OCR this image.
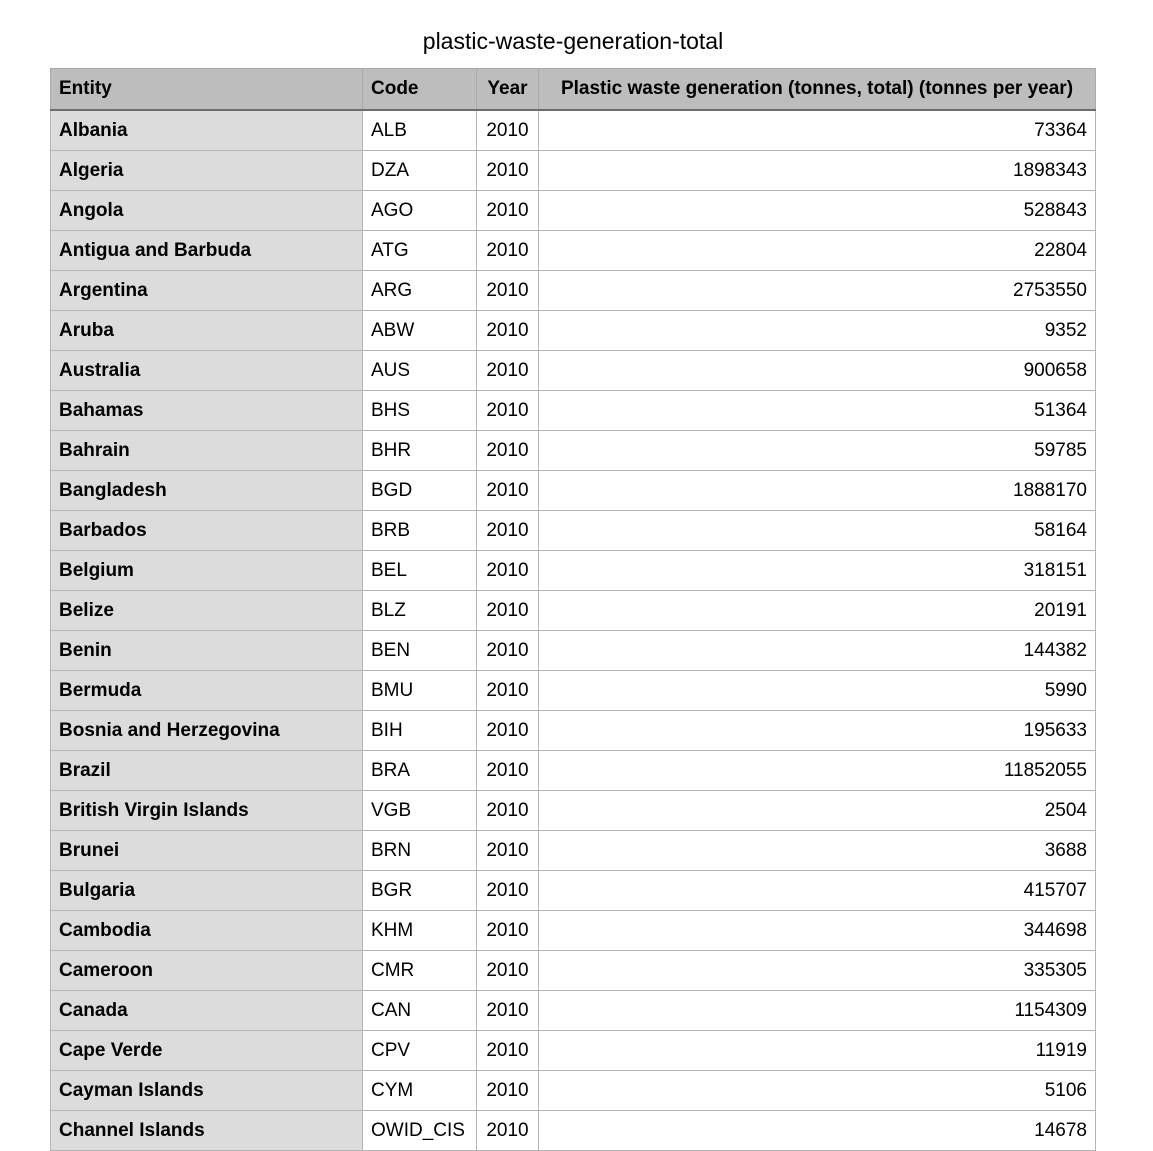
plastic-waste-generation-total
Entity	Code	Year	Plastic waste generation (tonnes, total) (tonnes per year)
Albania	ALB	2010	73364
Algeria	DZA	2010	1898343
Angola	AGO	2010	528843
Antigua and Barbuda	ATG	2010	22804
Argentina	ARG	2010	2753550
Aruba	ABW	2010	9352
Australia	AUS	2010	900658
Bahamas	BHS	2010	51364
Bahrain	BHR	2010	59785
Bangladesh	BGD	2010	1888170
Barbados	BRB	2010	58164
Belgium	BEL	2010	318151
Belize	BLZ	2010	20191
Benin	BEN	2010	144382
Bermuda	BMU	2010	5990
Bosnia and Herzegovina	BIH	2010	195633
Brazil	BRA	2010	11852055
British Virgin Islands	VGB	2010	2504
Brunei	BRN	2010	3688
Bulgaria	BGR	2010	415707
Cambodia	KHM	2010	344698
Cameroon	CMR	2010	335305
Canada	CAN	2010	1154309
Cape Verde	CPV	2010	11919
Cayman Islands	CYM	2010	5106
Channel Islands	OWID_CIS	2010	14678
